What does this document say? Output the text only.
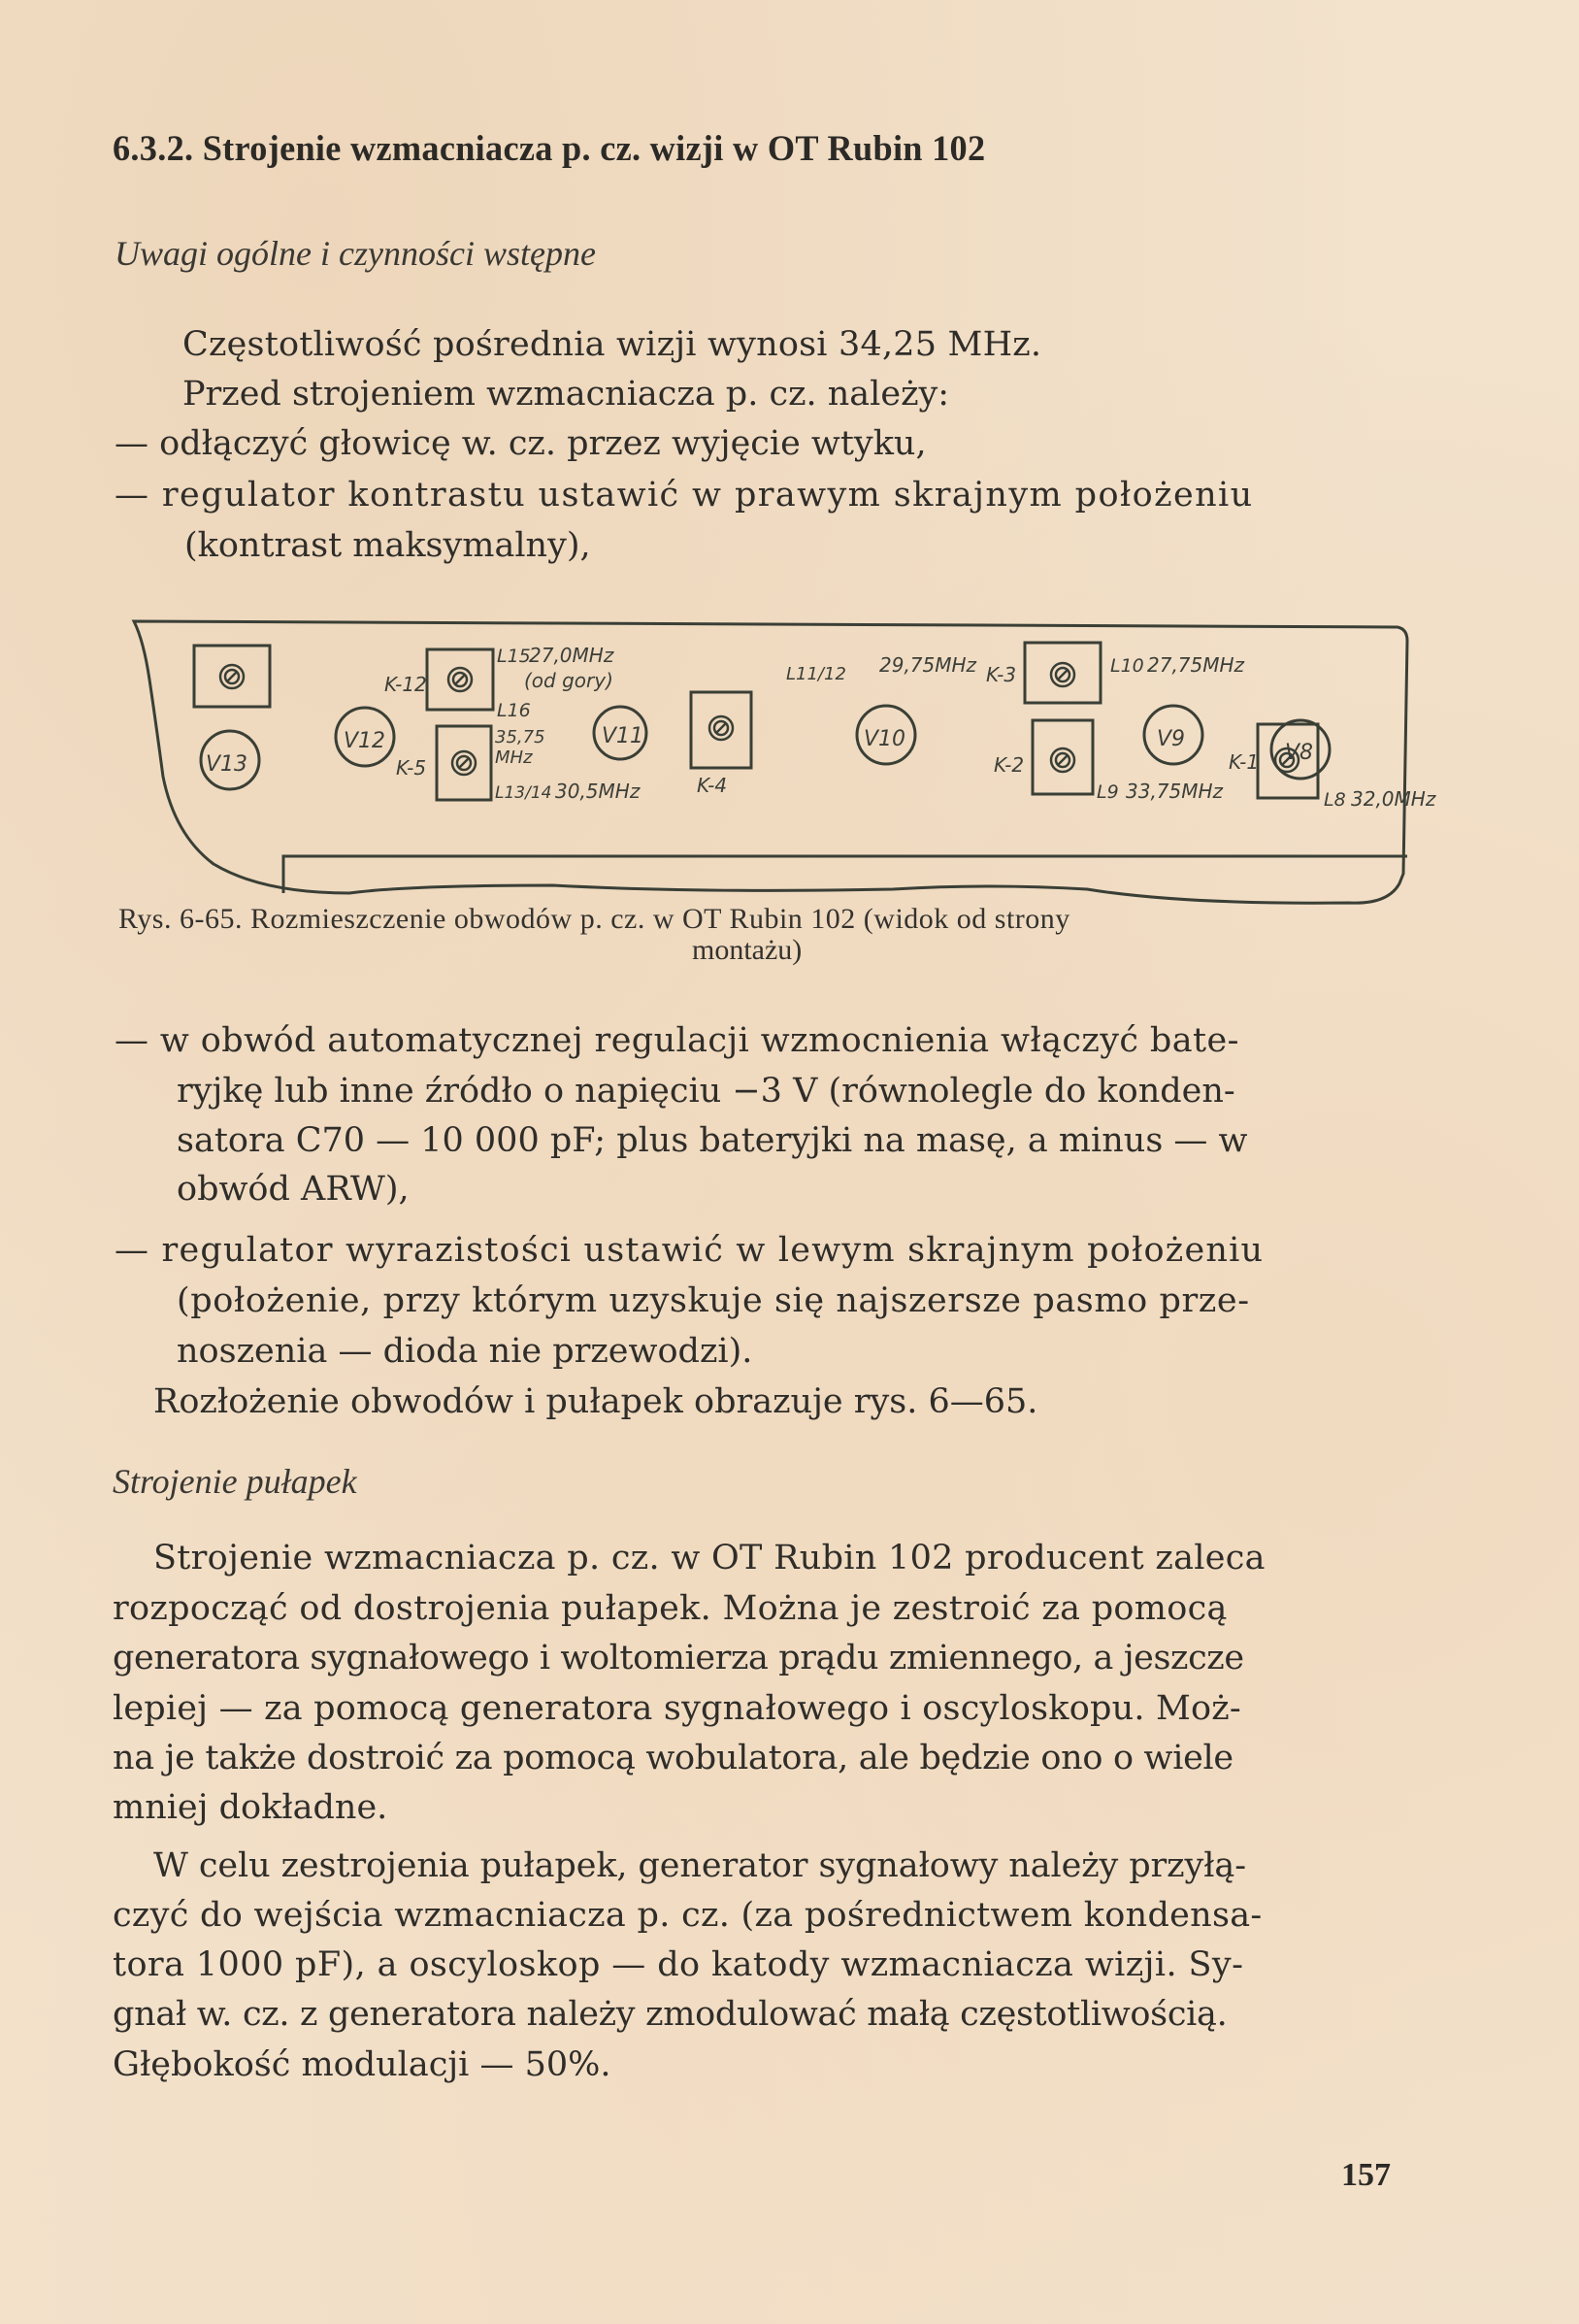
6.3.2. Strojenie wzmacniacza p. cz. wizji w OT Rubin 102
Uwagi ogólne i czynności wstępne
Częstotliwość pośrednia wizji wynosi 34,25 MHz.
Przed strojeniem wzmacniacza p. cz. należy:
— odłączyć głowicę w. cz. przez wyjęcie wtyku,
— regulator kontrastu ustawić w prawym skrajnym położeniu
(kontrast maksymalny),
V13
V12	V11	V10	V9
V8
K-12
K-5
K-4
K-3
K-2	K-1
L15
27,0MHz
(od gory)
L16
35,75
MHz
L13/14 30,5MHz
L11/12 29,75MHz	L10 27,75MHz
L9 33,75MHz	L8 32,0MHz
Rys. 6-65. Rozmieszczenie obwodów p. cz. w OT Rubin 102 (widok od strony
montażu)
— w obwód automatycznej regulacji wzmocnienia włączyć bate-
ryjkę lub inne źródło o napięciu −3 V (równolegle do konden-
satora C70 — 10 000 pF; plus bateryjki na masę, a minus — w
obwód ARW),
— regulator wyrazistości ustawić w lewym skrajnym położeniu
(położenie, przy którym uzyskuje się najszersze pasmo prze-
noszenia — dioda nie przewodzi).
Rozłożenie obwodów i pułapek obrazuje rys. 6—65.
Strojenie pułapek
Strojenie wzmacniacza p. cz. w OT Rubin 102 producent zaleca
rozpocząć od dostrojenia pułapek. Można je zestroić za pomocą
generatora sygnałowego i woltomierza prądu zmiennego, a jeszcze
lepiej — za pomocą generatora sygnałowego i oscyloskopu. Moż-
na je także dostroić za pomocą wobulatora, ale będzie ono o wiele
mniej dokładne.
W celu zestrojenia pułapek, generator sygnałowy należy przyłą-
czyć do wejścia wzmacniacza p. cz. (za pośrednictwem kondensa-
tora 1000 pF), a oscyloskop — do katody wzmacniacza wizji. Sy-
gnał w. cz. z generatora należy zmodulować małą częstotliwością.
Głębokość modulacji — 50%.
157
